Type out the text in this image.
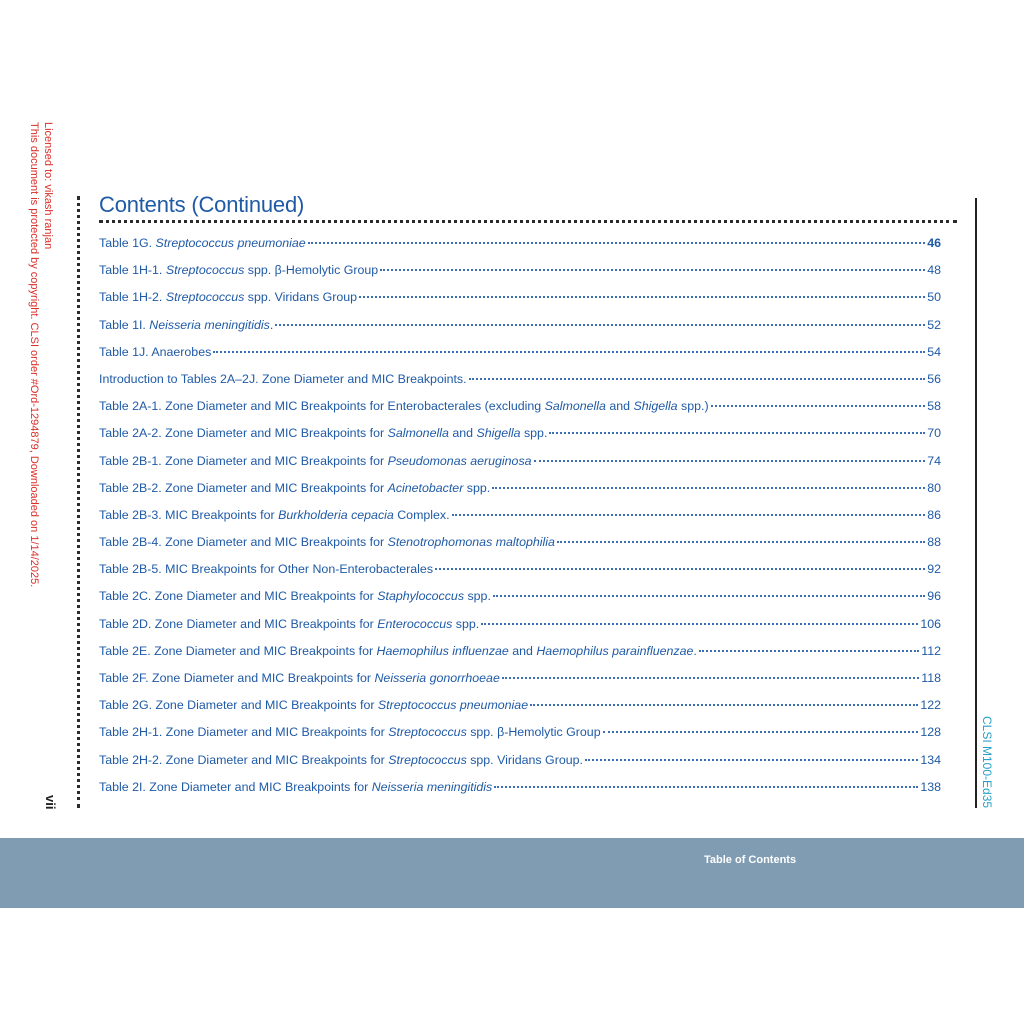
Licensed to: vikash ranjan
This document is protected by copyright. CLSI order #Ord-1294879, Downloaded on 1/14/2025.
vii
Contents (Continued)
Table 1G. Streptococcus pneumoniae	46
Table 1H-1. Streptococcus spp. β-Hemolytic Group	48
Table 1H-2. Streptococcus spp. Viridans Group	50
Table 1I. Neisseria meningitidis.	52
Table 1J. Anaerobes	54
Introduction to Tables 2A–2J. Zone Diameter and MIC Breakpoints.	56
Table 2A-1. Zone Diameter and MIC Breakpoints for Enterobacterales (excluding Salmonella and Shigella spp.)	58
Table 2A-2. Zone Diameter and MIC Breakpoints for Salmonella and Shigella spp.	70
Table 2B-1. Zone Diameter and MIC Breakpoints for Pseudomonas aeruginosa	74
Table 2B-2. Zone Diameter and MIC Breakpoints for Acinetobacter spp.	80
Table 2B-3. MIC Breakpoints for Burkholderia cepacia Complex.	86
Table 2B-4. Zone Diameter and MIC Breakpoints for Stenotrophomonas maltophilia	88
Table 2B-5. MIC Breakpoints for Other Non-Enterobacterales	92
Table 2C. Zone Diameter and MIC Breakpoints for Staphylococcus spp.	96
Table 2D. Zone Diameter and MIC Breakpoints for Enterococcus spp.	106
Table 2E. Zone Diameter and MIC Breakpoints for Haemophilus influenzae and Haemophilus parainfluenzae.	112
Table 2F. Zone Diameter and MIC Breakpoints for Neisseria gonorrhoeae	118
Table 2G. Zone Diameter and MIC Breakpoints for Streptococcus pneumoniae	122
Table 2H-1. Zone Diameter and MIC Breakpoints for Streptococcus spp. β-Hemolytic Group	128
Table 2H-2. Zone Diameter and MIC Breakpoints for Streptococcus spp. Viridans Group.	134
Table 2I. Zone Diameter and MIC Breakpoints for Neisseria meningitidis	138	CLSI M100-Ed35
Table of Contents
